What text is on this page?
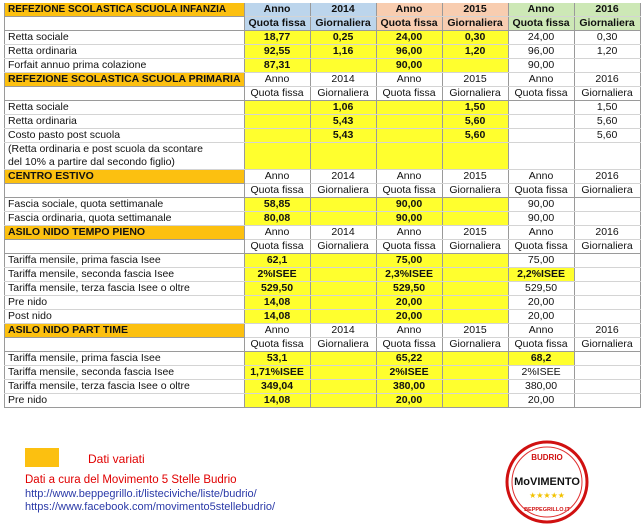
REFEZIONE SCOLASTICA SCUOLA INFANZIA	Anno	2014	Anno	2015	Anno	2016
	Quota fissa	Giornaliera	Quota fissa	Giornaliera	Quota fissa	Giornaliera
Retta sociale	18,77	0,25	24,00	0,30	24,00	0,30
Retta ordinaria	92,55	1,16	96,00	1,20	96,00	1,20
Forfait annuo prima colazione	87,31		90,00		90,00	
REFEZIONE SCOLASTICA SCUOLA PRIMARIA	Anno	2014	Anno	2015	Anno	2016
	Quota fissa	Giornaliera	Quota fissa	Giornaliera	Quota fissa	Giornaliera
Retta sociale		1,06		1,50		1,50
Retta ordinaria		5,43		5,60		5,60
Costo pasto post scuola		5,43		5,60		5,60
(Retta ordinaria e post scuola da scontare						
del 10% a partire dal secondo figlio)						
CENTRO ESTIVO	Anno	2014	Anno	2015	Anno	2016
	Quota fissa	Giornaliera	Quota fissa	Giornaliera	Quota fissa	Giornaliera
Fascia sociale, quota settimanale	58,85		90,00		90,00	
Fascia ordinaria, quota settimanale	80,08		90,00		90,00	
ASILO NIDO TEMPO PIENO	Anno	2014	Anno	2015	Anno	2016
	Quota fissa	Giornaliera	Quota fissa	Giornaliera	Quota fissa	Giornaliera
Tariffa mensile, prima fascia Isee	62,1		75,00		75,00	
Tariffa mensile, seconda fascia Isee	2%ISEE		2,3%ISEE		2,2%ISEE	
Tariffa mensile, terza fascia Isee o oltre	529,50		529,50		529,50	
Pre nido	14,08		20,00		20,00	
Post nido	14,08		20,00		20,00	
ASILO NIDO PART TIME	Anno	2014	Anno	2015	Anno	2016
	Quota fissa	Giornaliera	Quota fissa	Giornaliera	Quota fissa	Giornaliera
Tariffa mensile, prima fascia Isee	53,1		65,22		68,2	
Tariffa mensile, seconda fascia Isee	1,71%ISEE		2%ISEE		2%ISEE	
Tariffa mensile, terza fascia Isee o oltre	349,04		380,00		380,00	
Pre nido	14,08		20,00		20,00	
Dati variati
Dati a cura del Movimento 5 Stelle Budrio
http://www.beppegrillo.it/listeciviche/liste/budrio/
https://www.facebook.com/movimento5stellebudrio/
BUDRIO
MoVIMENTO
★★★★★
BEPPEGRILLO.IT
